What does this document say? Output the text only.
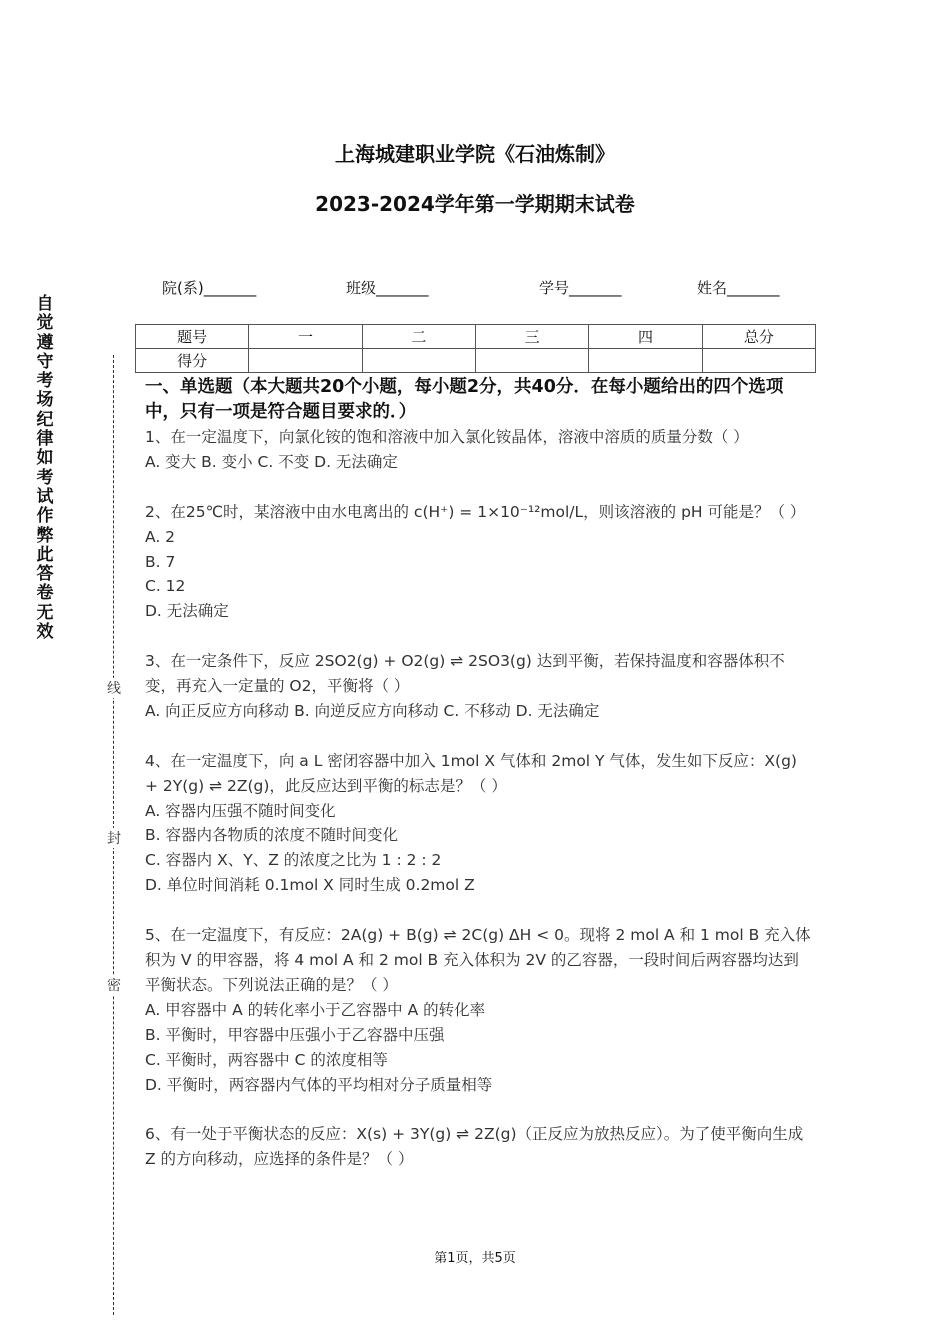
上海城建职业学院《石油炼制》
2023-2024学年第一学期期末试卷
自觉遵守考场纪律如考试作弊此答卷无效
线
封
密
院(系)_______	班级_______	学号_______	姓名_______
题号	一	二	三	四	总分
得分					
一、单选题（本大题共20个小题，每小题2分，共40分．在每小题给出的四个选项中，只有一项是符合题目要求的．）

1、在一定温度下，向氯化铵的饱和溶液中加入氯化铵晶体，溶液中溶质的质量分数（ ）

A. 变大 B. 变小 C. 不变 D. 无法确定

2、在25℃时，某溶液中由水电离出的 c(H⁺) = 1×10⁻¹²mol/L，则该溶液的 pH 可能是？（ ）

A. 2

B. 7

C. 12

D. 无法确定

3、在一定条件下，反应 2SO2(g) + O2(g) ⇌ 2SO3(g) 达到平衡，若保持温度和容器体积不变，再充入一定量的 O2，平衡将（ ）

A. 向正反应方向移动 B. 向逆反应方向移动 C. 不移动 D. 无法确定

4、在一定温度下，向 a L 密闭容器中加入 1mol X 气体和 2mol Y 气体，发生如下反应：X(g) + 2Y(g) ⇌ 2Z(g)，此反应达到平衡的标志是？（ ）

A. 容器内压强不随时间变化

B. 容器内各物质的浓度不随时间变化

C. 容器内 X、Y、Z 的浓度之比为 1 : 2 : 2

D. 单位时间消耗 0.1mol X 同时生成 0.2mol Z

5、在一定温度下，有反应：2A(g) + B(g) ⇌ 2C(g) ΔH < 0。现将 2 mol A 和 1 mol B 充入体积为 V 的甲容器，将 4 mol A 和 2 mol B 充入体积为 2V 的乙容器，一段时间后两容器均达到平衡状态。下列说法正确的是？（ ）

A. 甲容器中 A 的转化率小于乙容器中 A 的转化率

B. 平衡时，甲容器中压强小于乙容器中压强

C. 平衡时，两容器中 C 的浓度相等

D. 平衡时，两容器内气体的平均相对分子质量相等

6、有一处于平衡状态的反应：X(s) + 3Y(g) ⇌ 2Z(g)（正反应为放热反应）。为了使平衡向生成 Z 的方向移动，应选择的条件是？（ ）

第1页，共5页
